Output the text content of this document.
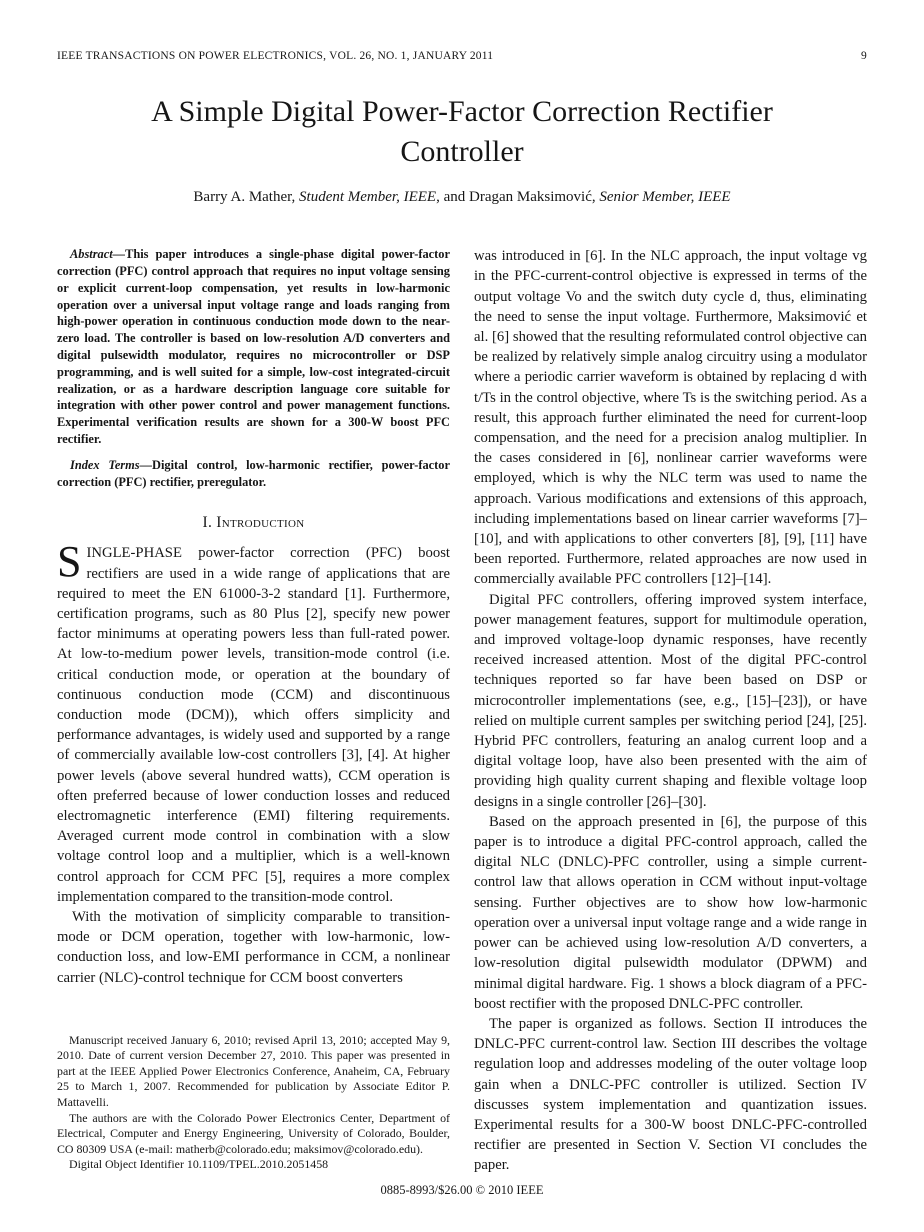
IEEE TRANSACTIONS ON POWER ELECTRONICS, VOL. 26, NO. 1, JANUARY 2011	9
A Simple Digital Power-Factor Correction Rectifier Controller
Barry A. Mather, Student Member, IEEE, and Dragan Maksimović, Senior Member, IEEE

Abstract—This paper introduces a single-phase digital power-factor correction (PFC) control approach that requires no input voltage sensing or explicit current-loop compensation, yet results in low-harmonic operation over a universal input voltage range and loads ranging from high-power operation in continuous conduction mode down to the near-zero load. The controller is based on low-resolution A/D converters and digital pulsewidth modulator, requires no microcontroller or DSP programming, and is well suited for a simple, low-cost integrated-circuit realization, or as a hardware description language core suitable for integration with other power control and power management functions. Experimental verification results are shown for a 300-W boost PFC rectifier.

Index Terms—Digital control, low-harmonic rectifier, power-factor correction (PFC) rectifier, preregulator.

I. Introduction

SINGLE-PHASE power-factor correction (PFC) boost rectifiers are used in a wide range of applications that are required to meet the EN 61000-3-2 standard [1]. Furthermore, certification programs, such as 80 Plus [2], specify new power factor minimums at operating powers less than full-rated power. At low-to-medium power levels, transition-mode control (i.e. critical conduction mode, or operation at the boundary of continuous conduction mode (CCM) and discontinuous conduction mode (DCM)), which offers simplicity and performance advantages, is widely used and supported by a range of commercially available low-cost controllers [3], [4]. At higher power levels (above several hundred watts), CCM operation is often preferred because of lower conduction losses and reduced electromagnetic interference (EMI) filtering requirements. Averaged current mode control in combination with a slow voltage control loop and a multiplier, which is a well-known control approach for CCM PFC [5], requires a more complex implementation compared to the transition-mode control.

With the motivation of simplicity comparable to transition-mode or DCM operation, together with low-harmonic, low-conduction loss, and low-EMI performance in CCM, a nonlinear carrier (NLC)-control technique for CCM boost converters

Manuscript received January 6, 2010; revised April 13, 2010; accepted May 9, 2010. Date of current version December 27, 2010. This paper was presented in part at the IEEE Applied Power Electronics Conference, Anaheim, CA, February 25 to March 1, 2007. Recommended for publication by Associate Editor P. Mattavelli.

The authors are with the Colorado Power Electronics Center, Department of Electrical, Computer and Energy Engineering, University of Colorado, Boulder, CO 80309 USA (e-mail: matherb@colorado.edu; maksimov@colorado.edu).

Digital Object Identifier 10.1109/TPEL.2010.2051458

was introduced in [6]. In the NLC approach, the input voltage vg in the PFC-current-control objective is expressed in terms of the output voltage Vo and the switch duty cycle d, thus, eliminating the need to sense the input voltage. Furthermore, Maksimović et al. [6] showed that the resulting reformulated control objective can be realized by relatively simple analog circuitry using a modulator where a periodic carrier waveform is obtained by replacing d with t/Ts in the control objective, where Ts is the switching period. As a result, this approach further eliminated the need for current-loop compensation, and the need for a precision analog multiplier. In the cases considered in [6], nonlinear carrier waveforms were employed, which is why the NLC term was used to name the approach. Various modifications and extensions of this approach, including implementations based on linear carrier waveforms [7]–[10], and with applications to other converters [8], [9], [11] have been reported. Furthermore, related approaches are now used in commercially available PFC controllers [12]–[14].

Digital PFC controllers, offering improved system interface, power management features, support for multimodule operation, and improved voltage-loop dynamic responses, have recently received increased attention. Most of the digital PFC-control techniques reported so far have been based on DSP or microcontroller implementations (see, e.g., [15]–[23]), or have relied on multiple current samples per switching period [24], [25]. Hybrid PFC controllers, featuring an analog current loop and a digital voltage loop, have also been presented with the aim of providing high quality current shaping and flexible voltage loop designs in a single controller [26]–[30].

Based on the approach presented in [6], the purpose of this paper is to introduce a digital PFC-control approach, called the digital NLC (DNLC)-PFC controller, using a simple current-control law that allows operation in CCM without input-voltage sensing. Further objectives are to show how low-harmonic operation over a universal input voltage range and a wide range in power can be achieved using low-resolution A/D converters, a low-resolution digital pulsewidth modulator (DPWM) and minimal digital hardware. Fig. 1 shows a block diagram of a PFC-boost rectifier with the proposed DNLC-PFC controller.

The paper is organized as follows. Section II introduces the DNLC-PFC current-control law. Section III describes the voltage regulation loop and addresses modeling of the outer voltage loop gain when a DNLC-PFC controller is utilized. Section IV discusses system implementation and quantization issues. Experimental results for a 300-W boost DNLC-PFC-controlled rectifier are presented in Section V. Section VI concludes the paper.

0885-8993/$26.00 © 2010 IEEE
